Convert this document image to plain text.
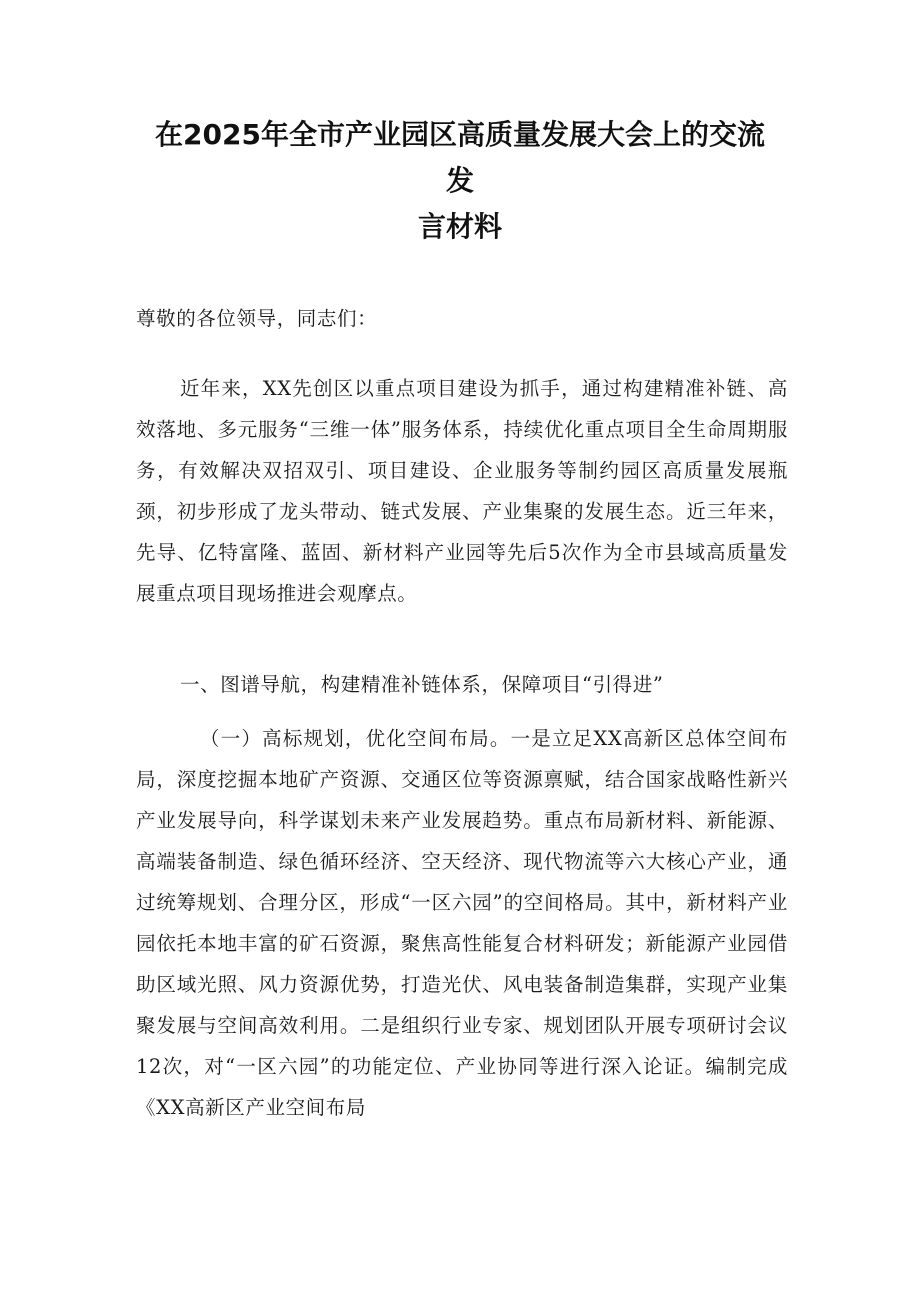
在2025年全市产业园区高质量发展大会上的交流发
言材料

尊敬的各位领导，同志们：

近年来，XX先创区以重点项目建设为抓手，通过构建精准补链、高效落地、多元服务“三维一体”服务体系，持续优化重点项目全生命周期服务，有效解决双招双引、项目建设、企业服务等制约园区高质量发展瓶颈，初步形成了龙头带动、链式发展、产业集聚的发展生态。近三年来，先导、亿特富隆、蓝固、新材料产业园等先后5次作为全市县域高质量发展重点项目现场推进会观摩点。

一、图谱导航，构建精准补链体系，保障项目“引得进”

（一）高标规划，优化空间布局。一是立足XX高新区总体空间布局，深度挖掘本地矿产资源、交通区位等资源禀赋，结合国家战略性新兴产业发展导向，科学谋划未来产业发展趋势。重点布局新材料、新能源、高端装备制造、绿色循环经济、空天经济、现代物流等六大核心产业，通过统筹规划、合理分区，形成“一区六园”的空间格局。其中，新材料产业园依托本地丰富的矿石资源，聚焦高性能复合材料研发；新能源产业园借助区域光照、风力资源优势，打造光伏、风电装备制造集群，实现产业集聚发展与空间高效利用。二是组织行业专家、规划团队开展专项研讨会议12次，对“一区六园”的功能定位、产业协同等进行深入论证。编制完成《XX高新区产业空间布局
